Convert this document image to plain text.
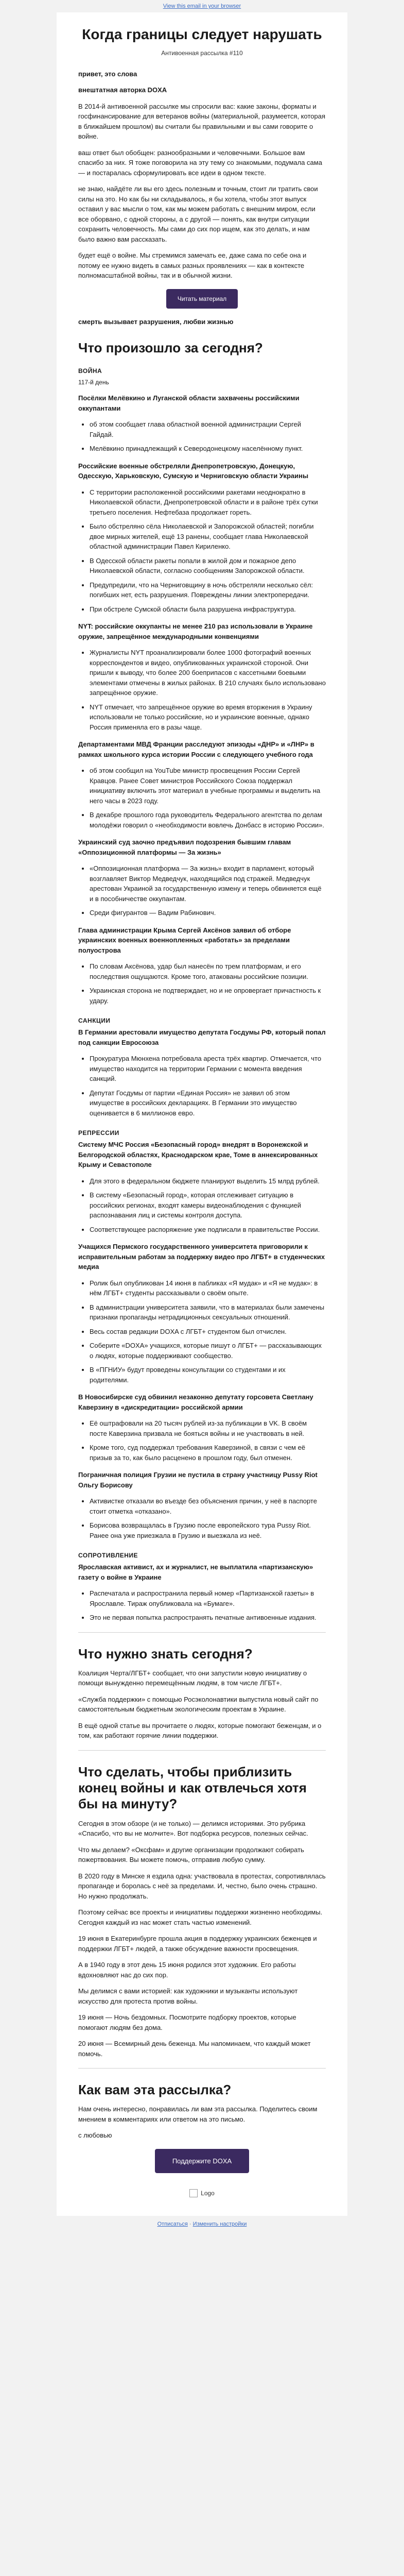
View this email in your browser
Когда границы следует нарушать
Антивоенная рассылка #110

привет, это слова

внештатная авторка DOXA

В 2014-й антивоенной рассылке мы спросили вас: какие законы, форматы и госфинансирование для ветеранов войны (материальной, разумеется, которая в ближайшем прошлом) вы считали бы правильными и вы сами говорите о войне.

ваш ответ был обобщен: разнообразными и человечными. Большое вам спасибо за них. Я тоже поговорила на эту тему со знакомыми, подумала сама — и постаралась сформулировать все идеи в одном тексте.

не знаю, найдёте ли вы его здесь полезным и точным, стоит ли тратить свои силы на это. Но как бы ни складывалось, я бы хотела, чтобы этот выпуск оставил у вас мысли о том, как мы можем работать с внешним миром, если все оборвано, с одной стороны, а с другой — понять, как внутри ситуации сохранить человечность. Мы сами до сих пор ищем, как это делать, и нам было важно вам рассказать.

будет ещё о войне. Мы стремимся замечать ее, даже сама по себе она и потому ее нужно видеть в самых разных проявлениях — как в контексте полномасштабной войны, так и в обычной жизни.

Читать материал

смерть вызывает разрушения, любви жизнью

Что произошло за сегодня?
ВОЙНА
117-й день

Посёлки Мелёвкино и Луганской области захвачены российскими оккупантами

• об этом сообщает глава областной военной администрации Сергей Гайдай.
• Мелёвкино принадлежащий к Северодонецкому населённому пункт.

Российские военные обстреляли Днепропетровскую, Донецкую, Одесскую, Харьковскую, Сумскую и Черниговскую области Украины

• С территории расположенной российскими ракетами неоднократно в Николаевской области, Днепропетровской области и в районе трёх сутки третьего поселения. Нефтебаза продолжает гореть.
• Было обстреляно сёла Николаевской и Запорожской областей; погибли двое мирных жителей, ещё 13 ранены, сообщает глава Николаевской областной администрации Павел Кириленко.
• В Одесской области ракеты попали в жилой дом и пожарное депо Николаевской области, согласно сообщениям Запорожской области.
• Предупредили, что на Черниговщину в ночь обстреляли несколько сёл: погибших нет, есть разрушения. Повреждены линии электропередачи.
• При обстреле Сумской области была разрушена инфраструктура.

NYT: российские оккупанты не менее 210 раз использовали в Украине оружие, запрещённое международными конвенциями

• Журналисты NYT проанализировали более 1000 фотографий военных корреспондентов и видео, опубликованных украинской стороной. Они пришли к выводу, что более 200 боеприпасов с кассетными боевыми элементами отмечены в жилых районах. В 210 случаях было использовано запрещённое оружие.
• NYT отмечает, что запрещённое оружие во время вторжения в Украину использовали не только российские, но и украинские военные, однако Россия применяла его в разы чаще.

Департаментами МВД Франции расследуют эпизоды «ДНР» и «ЛНР» в рамках школьного курса истории России с следующего учебного года

• об этом сообщил на YouTube министр просвещения России Сергей Кравцов. Ранее Совет министров Российского Союза поддержал инициативу включить этот материал в учебные программы и выделить на него часы в 2023 году.
• В декабре прошлого года руководитель Федерального агентства по делам молодёжи говорил о «необходимости вовлечь Донбасс в историю России».

Украинский суд заочно предъявил подозрения бывшим главам «Оппозиционной платформы — За жизнь»

• «Оппозиционная платформа — За жизнь» входит в парламент, который возглавляет Виктор Медведчук, находящийся под стражей. Медведчук арестован Украиной за государственную измену и теперь обвиняется ещё и в пособничестве оккупантам.
• Среди фигурантов — Вадим Рабинович.

Глава администрации Крыма Сергей Аксёнов заявил об отборе украинских военных военнопленных «работать» за пределами полуострова

• По словам Аксёнова, удар был нанесён по трем платформам, и его последствия ощущаются. Кроме того, атакованы российские позиции.
• Украинская сторона не подтверждает, но и не опровергает причастность к удару.
САНКЦИИ

В Германии арестовали имущество депутата Госдумы РФ, который попал под санкции Евросоюза

• Прокуратура Мюнхена потребовала ареста трёх квартир. Отмечается, что имущество находится на территории Германии с момента введения санкций.
• Депутат Госдумы от партии «Единая Россия» не заявил об этом имуществе в российских декларациях. В Германии это имущество оценивается в 6 миллионов евро.
РЕПРЕССИИ

Систему МЧС Россия «Безопасный город» внедрят в Воронежской и Белгородской областях, Краснодарском крае, Томе в аннексированных Крыму и Севастополе

• Для этого в федеральном бюджете планируют выделить 15 млрд рублей.
• В систему «Безопасный город», которая отслеживает ситуацию в российских регионах, входят камеры видеонаблюдения с функцией распознавания лиц и системы контроля доступа.
• Соответствующее распоряжение уже подписали в правительстве России.

Учащихся Пермского государственного университета приговорили к исправительным работам за поддержку видео про ЛГБТ+ в студенческих медиа

• Ролик был опубликован 14 июня в пабликах «Я мудак» и «Я не мудак»: в нём ЛГБТ+ студенты рассказывали о своём опыте.
• В администрации университета заявили, что в материалах были замечены признаки пропаганды нетрадиционных сексуальных отношений.
• Весь состав редакции DOXA с ЛГБТ+ студентом был отчислен.
• Соберите «DOXA» учащихся, которые пишут о ЛГБТ+ — рассказывающих о людях, которые поддерживают сообщество.
• В «ПГНИУ» будут проведены консультации со студентами и их родителями.

В Новосибирске суд обвинил незаконно депутату горсовета Светлану Каверзину в «дискредитации» российской армии

• Её оштрафовали на 20 тысяч рублей из-за публикации в VK. В своём посте Каверзина призвала не бояться войны и не участвовать в ней.
• Кроме того, суд поддержал требования Каверзиной, в связи с чем её призыв за то, как было расценено в прошлом году, был отменен.

Пограничная полиция Грузии не пустила в страну участницу Pussy Riot Ольгу Борисову

• Активистке отказали во въезде без объяснения причин, у неё в паспорте стоит отметка «отказано».
• Борисова возвращалась в Грузию после европейского тура Pussy Riot. Ранее она уже приезжала в Грузию и выезжала из неё.
СОПРОТИВЛЕНИЕ

Ярославская активист, ах и журналист, не выплатила «партизанскую» газету о войне в Украине

• Распечатала и распространила первый номер «Партизанской газеты» в Ярославле. Тираж опубликовала на «Бумаге».
• Это не первая попытка распространять печатные антивоенные издания.
Что нужно знать сегодня?

Коалиция Черта/ЛГБТ+ сообщает, что они запустили новую инициативу о помощи вынужденно перемещённым людям, в том числе ЛГБТ+.

«Служба поддержки» с помощью Росэколонавтики выпустила новый сайт по самостоятельным бюджетным экологическим проектам в Украине.

В ещё одной статье вы прочитаете о людях, которые помогают беженцам, и о том, как работают горячие линии поддержки.

Что сделать, чтобы приблизить конец войны и как отвлечься хотя бы на минуту?

Сегодня в этом обзоре (и не только) — делимся историями. Это рубрика «Спасибо, что вы не молчите». Вот подборка ресурсов, полезных сейчас.

Что мы делаем? «Оксфам» и другие организации продолжают собирать пожертвования. Вы можете помочь, отправив любую сумму.

В 2020 году в Минске я ездила одна: участвовала в протестах, сопротивлялась пропаганде и боролась с неё за пределами. И, честно, было очень страшно. Но нужно продолжать.

Поэтому сейчас все проекты и инициативы поддержки жизненно необходимы. Сегодня каждый из нас может стать частью изменений.

19 июня в Екатеринбурге прошла акция в поддержку украинских беженцев и поддержки ЛГБТ+ людей, а также обсуждение важности просвещения.

А в 1940 году в этот день 15 июня родился этот художник. Его работы вдохновляют нас до сих пор.

Мы делимся с вами историей: как художники и музыканты используют искусство для протеста против войны.

19 июня — Ночь бездомных. Посмотрите подборку проектов, которые помогают людям без дома.

20 июня — Всемирный день беженца. Мы напоминаем, что каждый может помочь.

Как вам эта рассылка?

Нам очень интересно, понравилась ли вам эта рассылка. Поделитесь своим мнением в комментариях или ответом на это письмо.

с любовью

Поддержите DOXA
Logo
Отписаться · Изменить настройки
